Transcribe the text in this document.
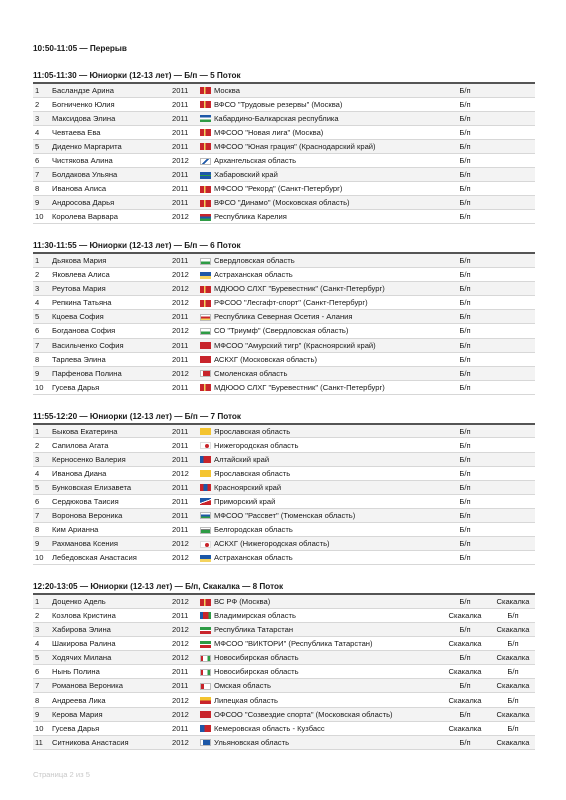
10:50-11:05 — Перерыв
11:05-11:30 — Юниорки (12-13 лет) — Б/п — 5 Поток
1	Басландзе Арина	2011		Москва	Б/п	
2	Богниченко Юлия	2011		ВФСО "Трудовые резервы" (Москва)	Б/п	
3	Максидова Элина	2011		Кабардино-Балкарская республика	Б/п	
4	Чевтаева Ева	2011		МФСОО "Новая лига" (Москва)	Б/п	
5	Диденко Маргарита	2011		МФСОО "Юная грация" (Краснодарский край)	Б/п	
6	Чистякова Алина	2012		Архангельская область	Б/п	
7	Болдакова Ульяна	2011		Хабаровский край	Б/п	
8	Иванова Алиса	2011		МФСОО "Рекорд" (Санкт-Петербург)	Б/п	
9	Андросова Дарья	2011		ВФСО "Динамо" (Московская область)	Б/п	
10	Королева Варвара	2012		Республика Карелия	Б/п	
11:30-11:55 — Юниорки (12-13 лет) — Б/п — 6 Поток
1	Дьякова Мария	2011		Свердловская область	Б/п	
2	Яковлева Алиса	2012		Астраханская область	Б/п	
3	Реутова Мария	2012		МДЮОО СЛХГ "Буревестник" (Санкт-Петербург)	Б/п	
4	Репкина Татьяна	2012		РФСОО "Лесгафт-спорт" (Санкт-Петербург)	Б/п	
5	Кцоева София	2011		Республика Северная Осетия - Алания	Б/п	
6	Богданова София	2012		СО "Триумф" (Свердловская область)	Б/п	
7	Васильченко София	2011		МФСОО "Амурский тигр" (Красноярский край)	Б/п	
8	Тарлева Элина	2011		АСКХГ (Московская область)	Б/п	
9	Парфенова Полина	2012		Смоленская область	Б/п	
10	Гусева Дарья	2011		МДЮОО СЛХГ "Буревестник" (Санкт-Петербург)	Б/п	
11:55-12:20 — Юниорки (12-13 лет) — Б/п — 7 Поток
1	Быкова Екатерина	2011		Ярославская область	Б/п	
2	Сапилова Агата	2011		Нижегородская область	Б/п	
3	Керносенко Валерия	2011		Алтайский край	Б/п	
4	Иванова Диана	2012		Ярославская область	Б/п	
5	Бунковская Елизавета	2011		Красноярский край	Б/п	
6	Сердюкова Таисия	2011		Приморский край	Б/п	
7	Воронова Вероника	2011		МФСОО "Рассвет" (Тюменская область)	Б/п	
8	Ким Арианна	2011		Белгородская область	Б/п	
9	Рахманова Ксения	2012		АСКХГ (Нижегородская область)	Б/п	
10	Лебедовская Анастасия	2012		Астраханская область	Б/п	
12:20-13:05 — Юниорки (12-13 лет) — Б/п, Скакалка — 8 Поток
1	Доценко Адель	2012		ВС РФ (Москва)	Б/п	Скакалка
2	Козлова Кристина	2011		Владимирская область	Скакалка	Б/п
3	Хабирова Элина	2012		Республика Татарстан	Б/п	Скакалка
4	Шакирова Ралина	2012		МФСОО "ВИКТОРИ" (Республика Татарстан)	Скакалка	Б/п
5	Ходячих Милана	2012		Новосибирская область	Б/п	Скакалка
6	Нынь Полина	2011		Новосибирская область	Скакалка	Б/п
7	Романова Вероника	2011		Омская область	Б/п	Скакалка
8	Андреева Лика	2012		Липецкая область	Скакалка	Б/п
9	Керова Мария	2012		ОФСОО "Созвездие спорта" (Московская область)	Б/п	Скакалка
10	Гусева Дарья	2011		Кемеровская область - Кузбасс	Скакалка	Б/п
11	Ситникова Анастасия	2012		Ульяновская область	Б/п	Скакалка
Страница 2 из 5
